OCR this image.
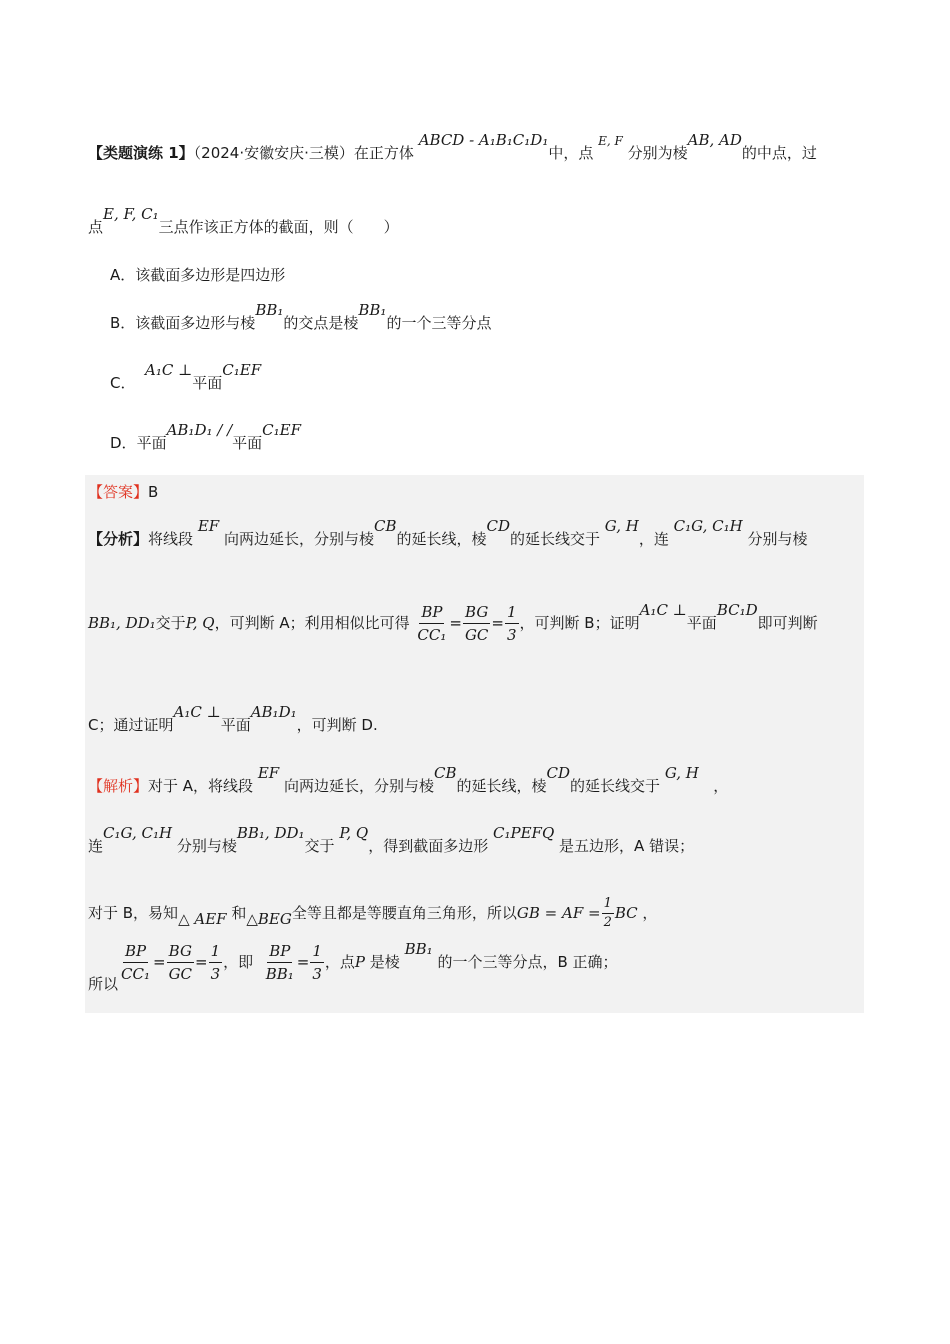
【类题演练 1】（2024·安徽安庆·三模）在正方体 ABCD - A₁B₁C₁D₁中，点 $^{E, F}$ 分别为棱AB, AD的中点，过
点E, F, C₁三点作该正方体的截面，则（　　）
A．该截面多边形是四边形
B．该截面多边形与棱BB₁的交点是棱BB₁的一个三等分点
C．  A₁C ⊥平面C₁EF
D．平面AB₁D₁ / /平面C₁EF
【答案】B
【分析】将线段 EF 向两边延长，分别与棱CB的延长线，棱CD的延长线交于 G, H，连 C₁G, C₁H 分别与棱
BB₁, DD₁交于P, Q，可判断 A；利用相似比可得 $\frac{BP}{\text{CC₁}} = \frac{BG}{GC} = \frac{1}{3}$ ，可判断 B；证明A₁C ⊥平面BC₁D即可判断
C；通过证明A₁C ⊥平面AB₁D₁，可判断 D.
【解析】对于 A，将线段 EF 向两边延长，分别与棱CB的延长线，棱CD的延长线交于 G, H   ，
连C₁G, C₁H 分别与棱BB₁, DD₁交于 P, Q，得到截面多边形 C₁PEFQ 是五边形，A 错误；
对于 B，易知△ AEF 和△BEG全等且都是等腰直角三角形，所以GB = AF = $\frac{1}{2}$ BC ，
所以
$\frac{BP}{\text{CC₁}} = \frac{BG}{GC} = \frac{1}{3}$ ，即 $\frac{BP}{\text{BB₁}} = \frac{1}{3}$ ，点P 是棱 BB₁ 的一个三等分点，B 正确；
